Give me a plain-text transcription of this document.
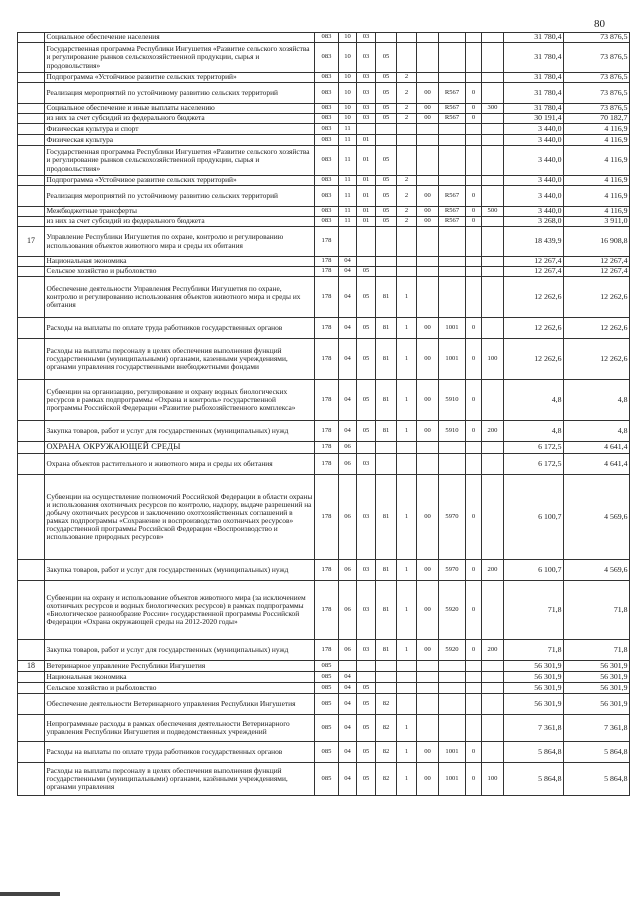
80
	Социальное обеспечение населения	083	10	03							31 780,4	73 876,5
	Государственная программа Республики Ингушетия «Развитие сельского хозяйства и регулирование рынков сельскохозяйственной продукции, сырья и продовольствия»	083	10	03	05						31 780,4	73 876,5
	Подпрограмма «Устойчивое развитие сельских территорий»	083	10	03	05	2					31 780,4	73 876,5
	Реализация мероприятий по устойчивому развитию сельских территорий	083	10	03	05	2	00	R567	0		31 780,4	73 876,5
	Социальное обеспечение и иные выплаты населению	083	10	03	05	2	00	R567	0	300	31 780,4	73 876,5
	из них за счет субсидий из федерального бюджета	083	10	03	05	2	00	R567	0		30 191,4	70 182,7
	Физическая культура и спорт	083	11								3 440,0	4 116,9
	Физическая культура	083	11	01							3 440,0	4 116,9
	Государственная программа Республики Ингушетия «Развитие сельского хозяйства и регулирование рынков сельскохозяйственной продукции, сырья и продовольствия»	083	11	01	05						3 440,0	4 116,9
	Подпрограмма «Устойчивое развитие сельских территорий»	083	11	01	05	2					3 440,0	4 116,9
	Реализация мероприятий по устойчивому развитию сельских территорий	083	11	01	05	2	00	R567	0		3 440,0	4 116,9
	Межбюджетные трансферты	083	11	01	05	2	00	R567	0	500	3 440,0	4 116,9
	из них за счет субсидий из федерального бюджета	083	11	01	05	2	00	R567	0		3 268,0	3 911,0
17	Управление Республики Ингушетия по охране, контролю и регулированию использования объектов животного мира и среды их обитания	178									18 439,9	16 908,8
	Национальная экономика	178	04								12 267,4	12 267,4
	Сельское хозяйство и рыболовство	178	04	05							12 267,4	12 267,4
	Обеспечение деятельности Управления Республики Ингушетия по охране, контролю и регулированию использования объектов животного мира и среды их обитания	178	04	05	81	1					12 262,6	12 262,6
	Расходы на выплаты по оплате труда работников государственных органов	178	04	05	81	1	00	1001	0		12 262,6	12 262,6
	Расходы на выплаты персоналу в целях обеспечения выполнения функций государственными (муниципальными) органами, казенными учреждениями, органами управления государственными внебюджетными фондами	178	04	05	81	1	00	1001	0	100	12 262,6	12 262,6
	Субвенции на организацию, регулирование и охрану водных биологических ресурсов в рамках подпрограммы «Охрана и контроль» государственной программы Российской Федерации «Развитие рыбохозяйственного комплекса»	178	04	05	81	1	00	5910	0		4,8	4,8
	Закупка товаров, работ и услуг для государственных (муниципальных) нужд	178	04	05	81	1	00	5910	0	200	4,8	4,8
	ОХРАНА ОКРУЖАЮЩЕЙ СРЕДЫ	178	06								6 172,5	4 641,4
	Охрана объектов растительного и животного мира и среды их обитания	178	06	03							6 172,5	4 641,4
	Субвенции на осуществление полномочий Российской Федерации в области охраны и использования охотничьих ресурсов по контролю, надзору, выдаче разрешений на добычу охотничьих ресурсов и заключению охотхозяйственных соглашений в рамках подпрограммы «Сохранение и воспроизводство охотничьих ресурсов» государственной программы Российской Федерации «Воспроизводство и использование природных ресурсов»	178	06	03	81	1	00	5970	0		6 100,7	4 569,6
	Закупка товаров, работ и услуг для государственных (муниципальных) нужд	178	06	03	81	1	00	5970	0	200	6 100,7	4 569,6
	Субвенции на охрану и использование объектов животного мира (за исключением охотничьих ресурсов и водных биологических ресурсов) в рамках подпрограммы «Биологическое разнообразие России» государственной программы Российской Федерации «Охрана окружающей среды на 2012-2020 годы»	178	06	03	81	1	00	5920	0		71,8	71,8
	Закупка товаров, работ и услуг для государственных (муниципальных) нужд	178	06	03	81	1	00	5920	0	200	71,8	71,8
18	Ветеринарное управление Республики Ингушетия	085									56 301,9	56 301,9
	Национальная экономика	085	04								56 301,9	56 301,9
	Сельское хозяйство и рыболовство	085	04	05							56 301,9	56 301,9
	Обеспечение деятельности Ветеринарного управления Республики Ингушетия	085	04	05	82						56 301,9	56 301,9
	Непрограммные расходы в рамках обеспечения деятельности Ветеринарного управления Республики Ингушетия и подведомственных учреждений	085	04	05	82	1					7 361,8	7 361,8
	Расходы на выплаты по оплате труда работников государственных органов	085	04	05	82	1	00	1001	0		5 864,8	5 864,8
	Расходы на выплаты персоналу в целях обеспечения выполнения функций государственными (муниципальными) органами, казёнными учреждениями, органами управления	085	04	05	82	1	00	1001	0	100	5 864,8	5 864,8
